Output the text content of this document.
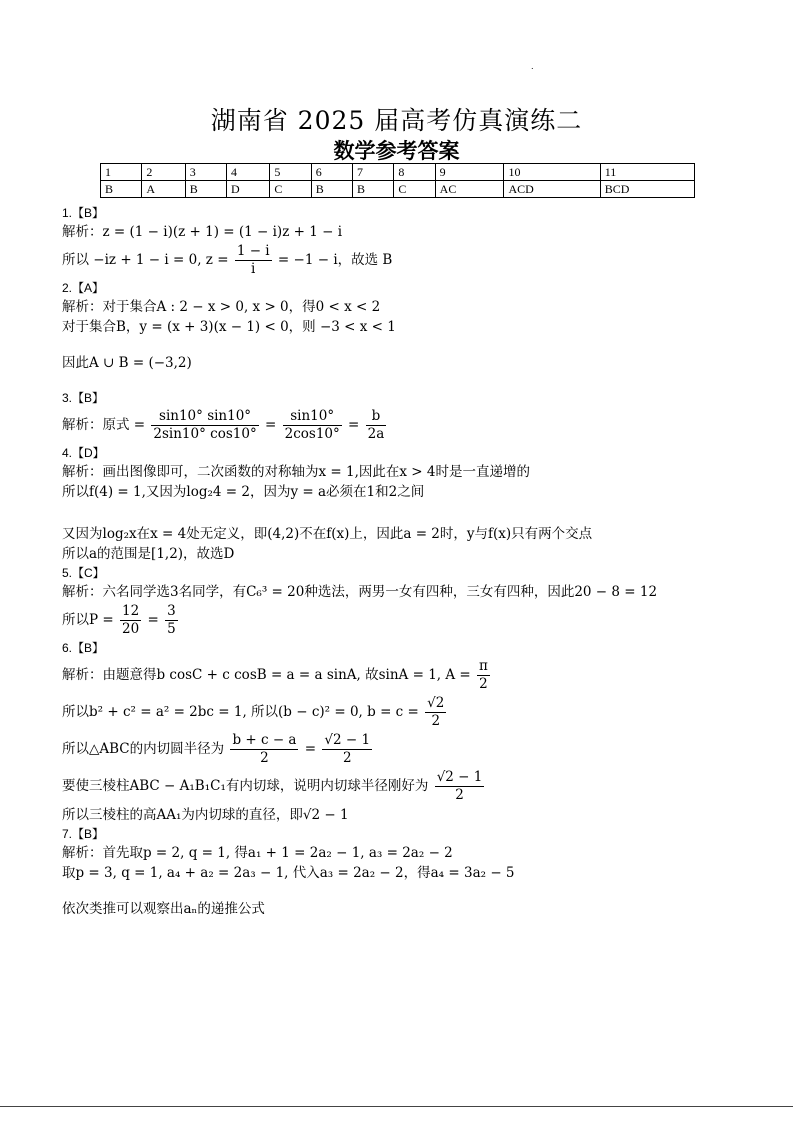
.
湖南省 2025 届高考仿真演练二
数学参考答案
1	2	3	4	5	6	7	8	9	10	11
B	A	B	D	C	B	B	C	AC	ACD	BCD
1.【B】
解析：z = (1 − i)(z + 1) = (1 − i)z + 1 − i
所以 −iz + 1 − i = 0, $z = \frac{1 - i}{i} = -1 - i$，故选 B
2.【A】
解析：对于集合A : 2 − x > 0, x > 0，得0 < x < 2
对于集合B，y = (x + 3)(x − 1) < 0，则 −3 < x < 1
因此A ∪ B = (−3,2)
3.【B】
解析：原式 = $\frac{\sin 10^\circ \sin 10^\circ}{2\sin 10^\circ \cos 10^\circ} = \frac{\sin 10^\circ}{2\cos 10^\circ} = \frac{b}{2a}$
4.【D】
解析：画出图像即可，二次函数的对称轴为x = 1,因此在x > 4时是一直递增的
所以f(4) = 1,又因为log₂4 = 2，因为y = a必须在1和2之间
又因为log₂x在x = 4处无定义，即(4,2)不在f(x)上，因此a = 2时，y与f(x)只有两个交点
所以a的范围是[1,2)，故选D
5.【C】
解析：六名同学选3名同学，有C₆³ = 20种选法，两男一女有四种，三女有四种，因此20 − 8 = 12
所以$P = \frac{12}{20} = \frac{3}{5}$
6.【B】
解析：由题意得b cosC + c cosB = a = a sinA, 故sinA = 1, $A = \frac{\pi}{2}$
所以b² + c² = a² = 2bc = 1, 所以(b − c)² = 0, $b = c = \frac{√2}{2}$
所以△ABC的内切圆半径为 $\frac{b + c - a}{2} = \frac{√2 - 1}{2}$
要使三棱柱ABC − A₁B₁C₁有内切球，说明内切球半径刚好为 $\frac{√2 - 1}{2}$
所以三棱柱的高AA₁为内切球的直径，即√2 − 1
7.【B】
解析：首先取p = 2, q = 1, 得a₁ + 1 = 2a₂ − 1, a₃ = 2a₂ − 2
取p = 3, q = 1, a₄ + a₂ = 2a₃ − 1, 代入a₃ = 2a₂ − 2，得a₄ = 3a₂ − 5
依次类推可以观察出aₙ的递推公式
